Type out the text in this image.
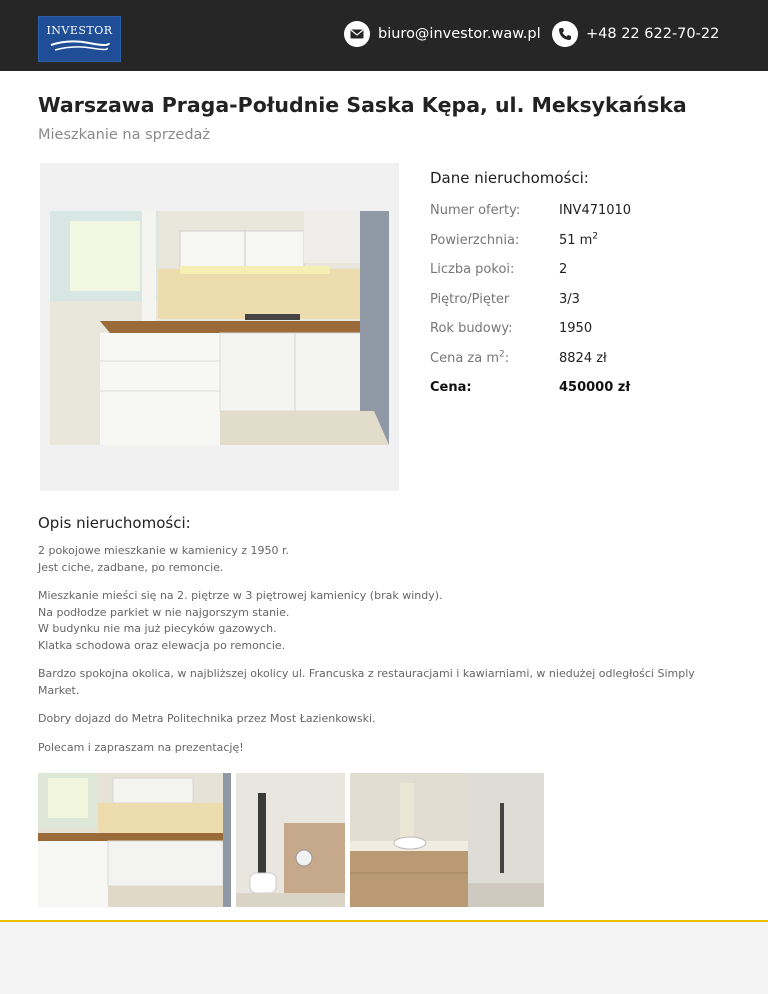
INVESTOR	biuro@investor.waw.pl	+48 22 622-70-22
Warszawa Praga-Południe Saska Kępa, ul. Meksykańska
Mieszkanie na sprzedaż
Dane nieruchomości:
Numer oferty:	INV471010
Powierzchnia:	51 $m^2$
Liczba pokoi:	2
Piętro/Pięter	3/3
Rok budowy:	1950
Cena za $m^2$:	8824 zł
Cena:	450000 zł
Opis nieruchomości:

2 pokojowe mieszkanie w kamienicy z 1950 r.
Jest ciche, zadbane, po remoncie.

Mieszkanie mieści się na 2. piętrze w 3 piętrowej kamienicy (brak windy).
Na podłodze parkiet w nie najgorszym stanie.
W budynku nie ma już piecyków gazowych.
Klatka schodowa oraz elewacja po remoncie.

Bardzo spokojna okolica, w najbliższej okolicy ul. Francuska z restauracjami i kawiarniami, w niedużej odległości Simply Market.

Dobry dojazd do Metra Politechnika przez Most Łazienkowski.

Polecam i zapraszam na prezentację!
